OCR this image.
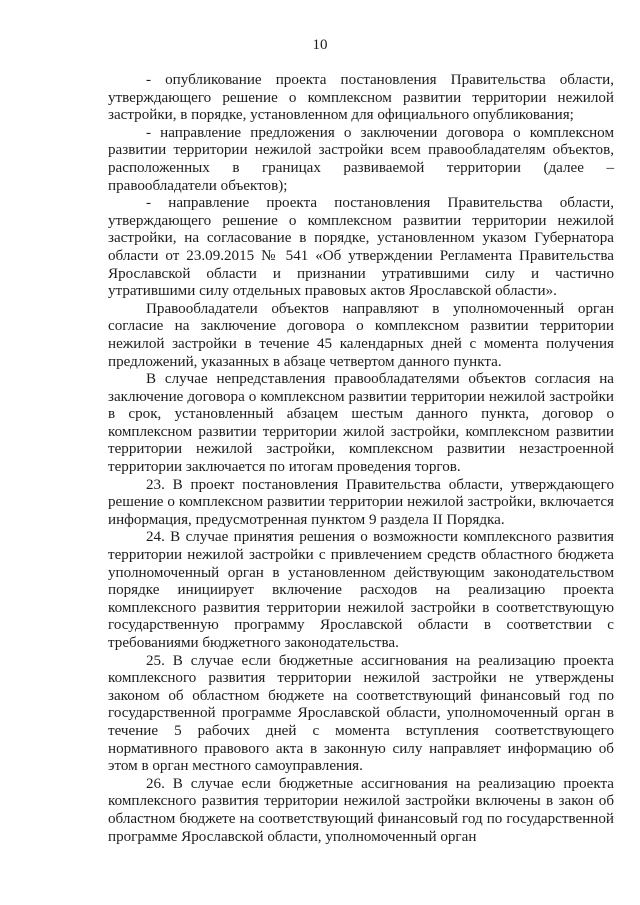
10

- опубликование проекта постановления Правительства области, утверждающего решение о комплексном развитии территории нежилой застройки, в порядке, установленном для официального опубликования;

- направление предложения о заключении договора о комплексном развитии территории нежилой застройки всем правообладателям объектов, расположенных в границах развиваемой территории (далее – правообладатели объектов);

- направление проекта постановления Правительства области, утверждающего решение о комплексном развитии территории нежилой застройки, на согласование в порядке, установленном указом Губернатора области от 23.09.2015 № 541 «Об утверждении Регламента Правительства Ярославской области и признании утратившими силу и частично утратившими силу отдельных правовых актов Ярославской области».

Правообладатели объектов направляют в уполномоченный орган согласие на заключение договора о комплексном развитии территории нежилой застройки в течение 45 календарных дней с момента получения предложений, указанных в абзаце четвертом данного пункта.

В случае непредставления правообладателями объектов согласия на заключение договора о комплексном развитии территории нежилой застройки в срок, установленный абзацем шестым данного пункта, договор о комплексном развитии территории жилой застройки, комплексном развитии территории нежилой застройки, комплексном развитии незастроенной территории заключается по итогам проведения торгов.

23. В проект постановления Правительства области, утверждающего решение о комплексном развитии территории нежилой застройки, включается информация, предусмотренная пунктом 9 раздела II Порядка.

24. В случае принятия решения о возможности комплексного развития территории нежилой застройки с привлечением средств областного бюджета уполномоченный орган в установленном действующим законодательством порядке инициирует включение расходов на реализацию проекта комплексного развития территории нежилой застройки в соответствующую государственную программу Ярославской области в соответствии с требованиями бюджетного законодательства.

25. В случае если бюджетные ассигнования на реализацию проекта комплексного развития территории нежилой застройки не утверждены законом об областном бюджете на соответствующий финансовый год по государственной программе Ярославской области, уполномоченный орган в течение 5 рабочих дней с момента вступления соответствующего нормативного правового акта в законную силу направляет информацию об этом в орган местного самоуправления.

26. В случае если бюджетные ассигнования на реализацию проекта комплексного развития территории нежилой застройки включены в закон об областном бюджете на соответствующий финансовый год по государственной программе Ярославской области, уполномоченный орган
